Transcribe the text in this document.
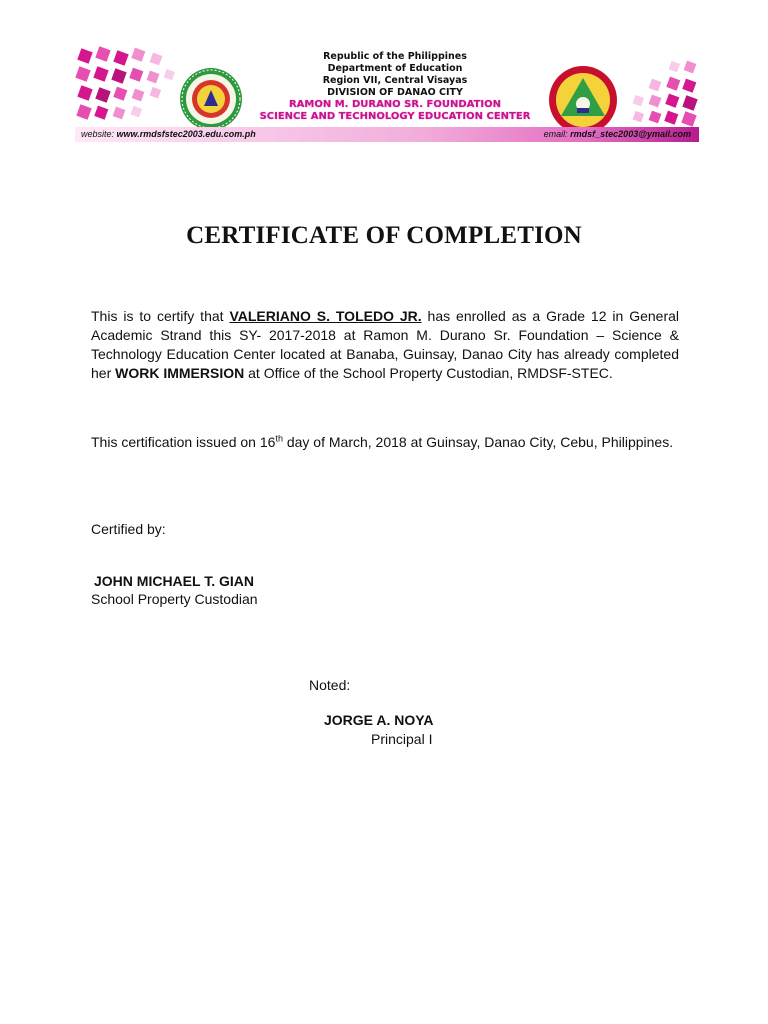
Republic of the Philippines
Department of Education
Region VII, Central Visayas
DIVISION OF DANAO CITY
RAMON M. DURANO SR. FOUNDATION
SCIENCE AND TECHNOLOGY EDUCATION CENTER
website: www.rmdsfstec2003.edu.com.ph	email: rmdsf_stec2003@ymail.com
CERTIFICATE OF COMPLETION
This is to certify that VALERIANO S. TOLEDO JR. has enrolled as a Grade 12 in General Academic Strand this SY- 2017-2018 at Ramon M. Durano Sr. Foundation – Science & Technology Education Center located at Banaba, Guinsay, Danao City has already completed her WORK IMMERSION at Office of the School Property Custodian, RMDSF-STEC.
This certification issued on 16th day of March, 2018 at Guinsay, Danao City, Cebu, Philippines.
Certified by:
JOHN MICHAEL T. GIAN
School Property Custodian
Noted:
JORGE A. NOYA
Principal I
